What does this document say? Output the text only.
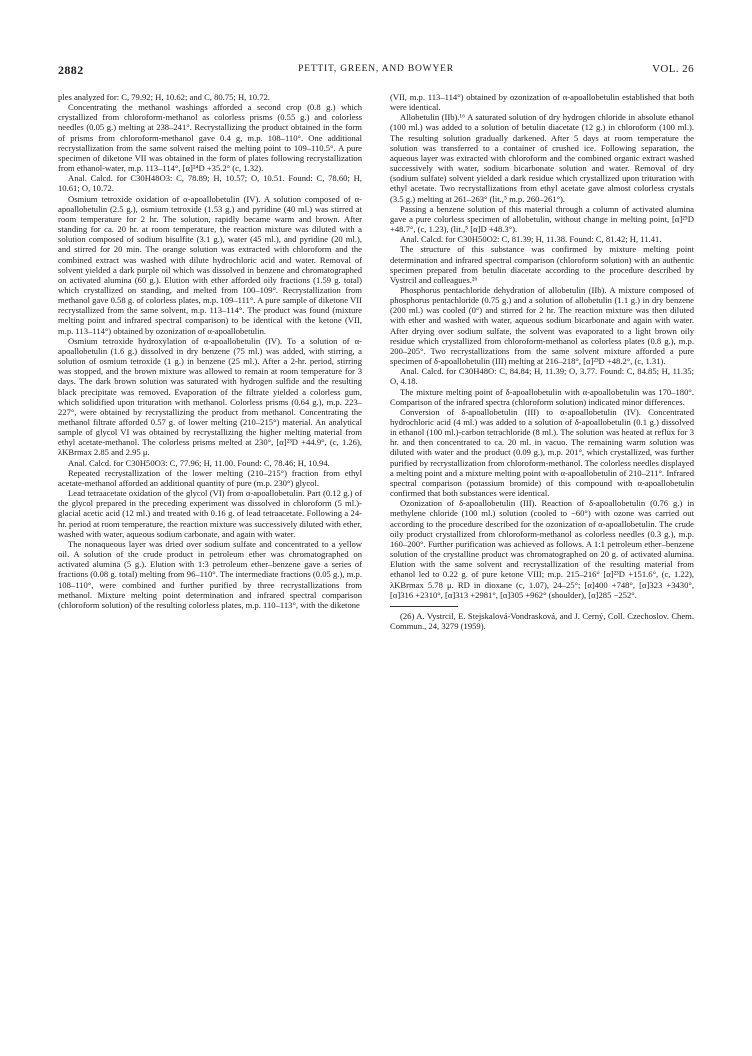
2882	PETTIT, GREEN, AND BOWYER	VOL. 26

ples analyzed for: C, 79.92; H, 10.62; and C, 80.75; H, 10.72.

Concentrating the methanol washings afforded a second crop (0.8 g.) which crystallized from chloroform-methanol as colorless prisms (0.55 g.) and colorless needles (0.05 g.) melting at 238–241°. Recrystallizing the product obtained in the form of prisms from chloroform-methanol gave 0.4 g, m.p. 108–110°. One additional recrystallization from the same solvent raised the melting point to 109–110.5°. A pure specimen of diketone VII was obtained in the form of plates following recrystallization from ethanol-water, m.p. 113–114°, [α]²⁴D +35.2° (c, 1.32).

Anal. Calcd. for C30H48O3: C, 78.89; H, 10.57; O, 10.51. Found: C, 78.60; H, 10.61; O, 10.72.

Osmium tetroxide oxidation of α-apoallobetulin (IV). A solution composed of α-apoallobetulin (2.5 g.), osmium tetroxide (1.53 g.) and pyridine (40 ml.) was stirred at room temperature for 2 hr. The solution, rapidly became warm and brown. After standing for ca. 20 hr. at room temperature, the reaction mixture was diluted with a solution composed of sodium bisulfite (3.1 g.), water (45 ml.), and pyridine (20 ml.), and stirred for 20 min. The orange solution was extracted with chloroform and the combined extract was washed with dilute hydrochloric acid and water. Removal of solvent yielded a dark purple oil which was dissolved in benzene and chromatographed on activated alumina (60 g.). Elution with ether afforded oily fractions (1.59 g. total) which crystallized on standing, and melted from 100–109°. Recrystallization from methanol gave 0.58 g. of colorless plates, m.p. 109–111°. A pure sample of diketone VII recrystallized from the same solvent, m.p. 113–114°. The product was found (mixture melting point and infrared spectral comparison) to be identical with the ketone (VII, m.p. 113–114°) obtained by ozonization of α-apoallobetulin.

Osmium tetroxide hydroxylation of α-apoallobetulin (IV). To a solution of α-apoallobetulin (1.6 g.) dissolved in dry benzene (75 ml.) was added, with stirring, a solution of osmium tetroxide (1 g.) in benzene (25 ml.). After a 2-hr. period, stirring was stopped, and the brown mixture was allowed to remain at room temperature for 3 days. The dark brown solution was saturated with hydrogen sulfide and the resulting black precipitate was removed. Evaporation of the filtrate yielded a colorless gum, which solidified upon trituration with methanol. Colorless prisms (0.64 g.), m.p. 223–227°, were obtained by recrystallizing the product from methanol. Concentrating the methanol filtrate afforded 0.57 g. of lower melting (210–215°) material. An analytical sample of glycol VI was obtained by recrystallizing the higher melting material from ethyl acetate-methanol. The colorless prisms melted at 230°, [α]²³D +44.9°, (c, 1.26), λKBrmax 2.85 and 2.95 μ.

Anal. Calcd. for C30H50O3: C, 77.96; H, 11.00. Found: C, 78.46; H, 10.94.

Repeated recrystallization of the lower melting (210–215°) fraction from ethyl acetate-methanol afforded an additional quantity of pure (m.p. 230°) glycol.

Lead tetraacetate oxidation of the glycol (VI) from α-apoallobetulin. Part (0.12 g.) of the glycol prepared in the preceding experiment was dissolved in chloroform (5 ml.)-glacial acetic acid (12 ml.) and treated with 0.16 g. of lead tetraacetate. Following a 24-hr. period at room temperature, the reaction mixture was successively diluted with ether, washed with water, aqueous sodium carbonate, and again with water.

The nonaqueous layer was dried over sodium sulfate and concentrated to a yellow oil. A solution of the crude product in petroleum ether was chromatographed on activated alumina (5 g.). Elution with 1:3 petroleum ether–benzene gave a series of fractions (0.08 g. total) melting from 96–110°. The intermediate fractions (0.05 g.), m.p. 108–110°, were combined and further purified by three recrystallizations from methanol. Mixture melting point determination and infrared spectral comparison (chloroform solution) of the resulting colorless plates, m.p. 110–113°, with the diketone

(VII, m.p. 113–114°) obtained by ozonization of α-apoallobetulin established that both were identical.

Allobetulin (IIb).¹⁶ A saturated solution of dry hydrogen chloride in absolute ethanol (100 ml.) was added to a solution of betulin diacetate (12 g.) in chloroform (100 ml.). The resulting solution gradually darkened. After 5 days at room temperature the solution was transferred to a container of crushed ice. Following separation, the aqueous layer was extracted with chloroform and the combined organic extract washed successively with water, sodium bicarbonate solution and water. Removal of dry (sodium sulfate) solvent yielded a dark residue which crystallized upon trituration with ethyl acetate. Two recrystallizations from ethyl acetate gave almost colorless crystals (3.5 g.) melting at 261–263° (lit.,⁵ m.p. 260–261°).

Passing a benzene solution of this material through a column of activated alumina gave a pure colorless specimen of allobetulin, without change in melting point, [α]²⁵D +48.7°, (c, 1.23), (lit.,⁵ [α]D +48.3°).

Anal. Calcd. for C30H50O2: C, 81.39; H, 11.38. Found: C, 81.42; H, 11.41.

The structure of this substance was confirmed by mixture melting point determination and infrared spectral comparison (chloroform solution) with an authentic specimen prepared from betulin diacetate according to the procedure described by Vystrcil and colleagues.²⁶

Phosphorus pentachloride dehydration of allobetulin (IIb). A mixture composed of phosphorus pentachloride (0.75 g.) and a solution of allobetulin (1.1 g.) in dry benzene (200 ml.) was cooled (0°) and stirred for 2 hr. The reaction mixture was then diluted with ether and washed with water, aqueous sodium bicarbonate and again with water. After drying over sodium sulfate, the solvent was evaporated to a light brown oily residue which crystallized from chloroform-methanol as colorless plates (0.8 g.), m.p. 200–205°. Two recrystallizations from the same solvent mixture afforded a pure specimen of δ-apoallobetulin (III) melting at 216–218°, [α]²³D +48.2°, (c, 1.31).

Anal. Calcd. for C30H48O: C, 84.84; H, 11.39; O, 3.77. Found: C, 84.85; H, 11.35; O, 4.18.

The mixture melting point of δ-apoallobetulin with α-apoallobetulin was 170–180°. Comparison of the infrared spectra (chloroform solution) indicated minor differences.

Conversion of δ-apoallobetulin (III) to α-apoallobetulin (IV). Concentrated hydrochloric acid (4 ml.) was added to a solution of δ-apoallobetulin (0.1 g.) dissolved in ethanol (100 ml.)-carbon tetrachloride (8 ml.). The solution was heated at reflux for 3 hr. and then concentrated to ca. 20 ml. in vacuo. The remaining warm solution was diluted with water and the product (0.09 g.), m.p. 201°, which crystallized, was further purified by recrystallization from chloroform-methanol. The colorless needles displayed a melting point and a mixture melting point with α-apoallobetulin of 210–211°. Infrared spectral comparison (potassium bromide) of this compound with α-apoallobetulin confirmed that both substances were identical.

Ozonization of δ-apoallobetulin (III). Reaction of δ-apoallobetulin (0.76 g.) in methylene chloride (100 ml.) solution (cooled to −60°) with ozone was carried out according to the procedure described for the ozonization of α-apoallobetulin. The crude oily product crystallized from chloroform-methanol as colorless needles (0.3 g.), m.p. 160–200°. Further purification was achieved as follows. A 1:1 petroleum ether–benzene solution of the crystalline product was chromatographed on 20 g. of activated alumina. Elution with the same solvent and recrystallization of the resulting material from ethanol led to 0.22 g. of pure ketone VIII; m.p. 215–216° [α]²³D +151.6°, (c, 1.22), λKBrmax 5.78 μ. RD in dioxane (c, 1.07), 24–25°; [α]400 +748°, [α]323 +3430°, [α]316 +2310°, [α]313 +2981°, [α]305 +962° (shoulder), [α]285 −252°.

(26) A. Vystrcil, E. Stejskalová-Vondrasková, and J. Cerný, Coll. Czechoslov. Chem. Commun., 24, 3279 (1959).
